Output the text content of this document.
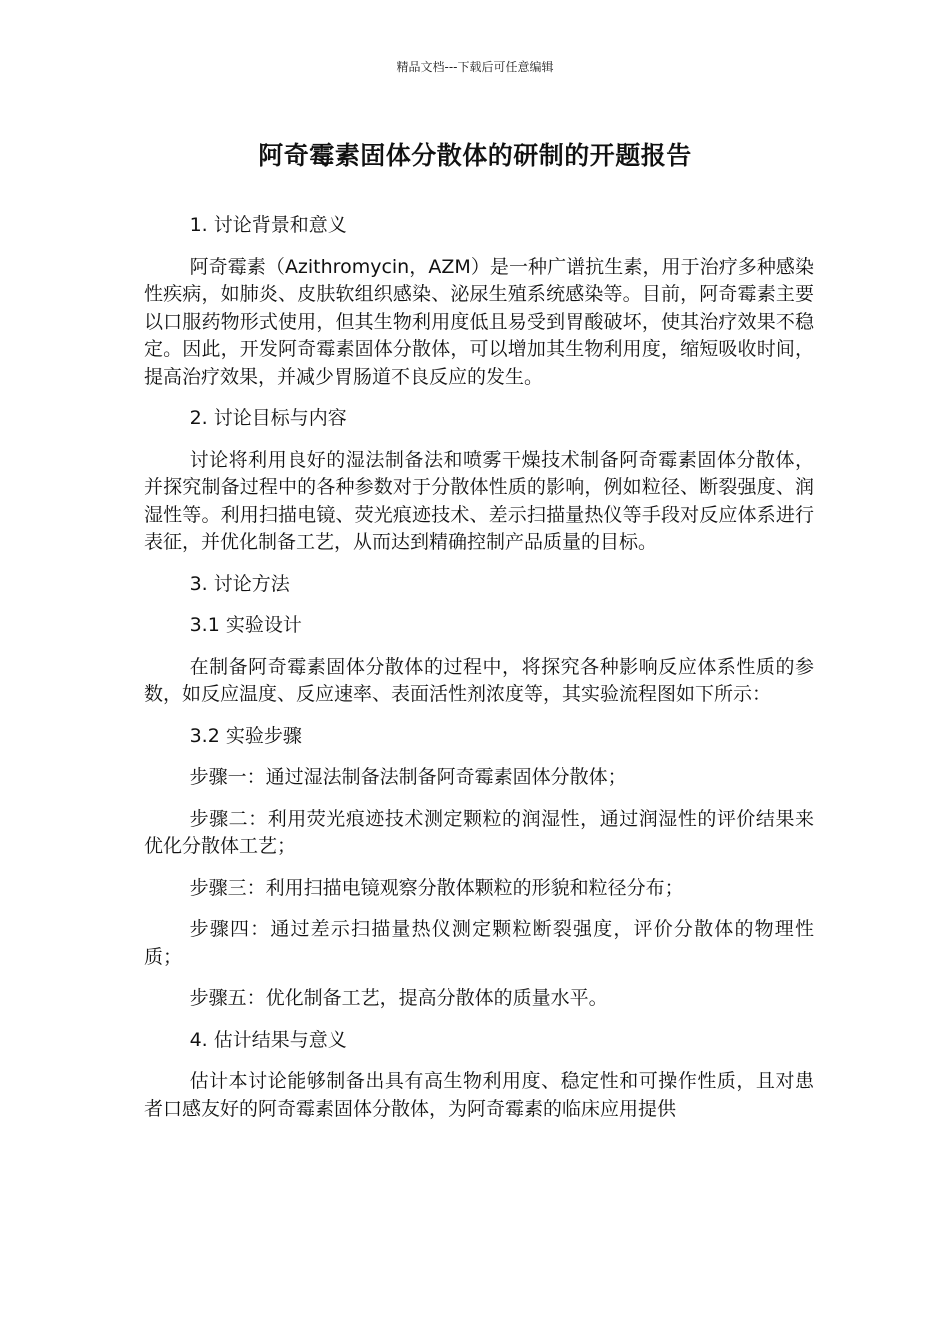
精品文档---下载后可任意编辑
阿奇霉素固体分散体的研制的开题报告

1. 讨论背景和意义

阿奇霉素（Azithromycin，AZM）是一种广谱抗生素，用于治疗多种感染性疾病，如肺炎、皮肤软组织感染、泌尿生殖系统感染等。目前，阿奇霉素主要以口服药物形式使用，但其生物利用度低且易受到胃酸破坏，使其治疗效果不稳定。因此，开发阿奇霉素固体分散体，可以增加其生物利用度，缩短吸收时间，提高治疗效果，并减少胃肠道不良反应的发生。

2. 讨论目标与内容

讨论将利用良好的湿法制备法和喷雾干燥技术制备阿奇霉素固体分散体，并探究制备过程中的各种参数对于分散体性质的影响，例如粒径、断裂强度、润湿性等。利用扫描电镜、荧光痕迹技术、差示扫描量热仪等手段对反应体系进行表征，并优化制备工艺，从而达到精确控制产品质量的目标。

3. 讨论方法

3.1 实验设计

在制备阿奇霉素固体分散体的过程中，将探究各种影响反应体系性质的参数，如反应温度、反应速率、表面活性剂浓度等，其实验流程图如下所示：

3.2 实验步骤

步骤一：通过湿法制备法制备阿奇霉素固体分散体；

步骤二：利用荧光痕迹技术测定颗粒的润湿性，通过润湿性的评价结果来优化分散体工艺；

步骤三：利用扫描电镜观察分散体颗粒的形貌和粒径分布；

步骤四：通过差示扫描量热仪测定颗粒断裂强度，评价分散体的物理性质；

步骤五：优化制备工艺，提高分散体的质量水平。

4. 估计结果与意义

估计本讨论能够制备出具有高生物利用度、稳定性和可操作性质，且对患者口感友好的阿奇霉素固体分散体，为阿奇霉素的临床应用提供
